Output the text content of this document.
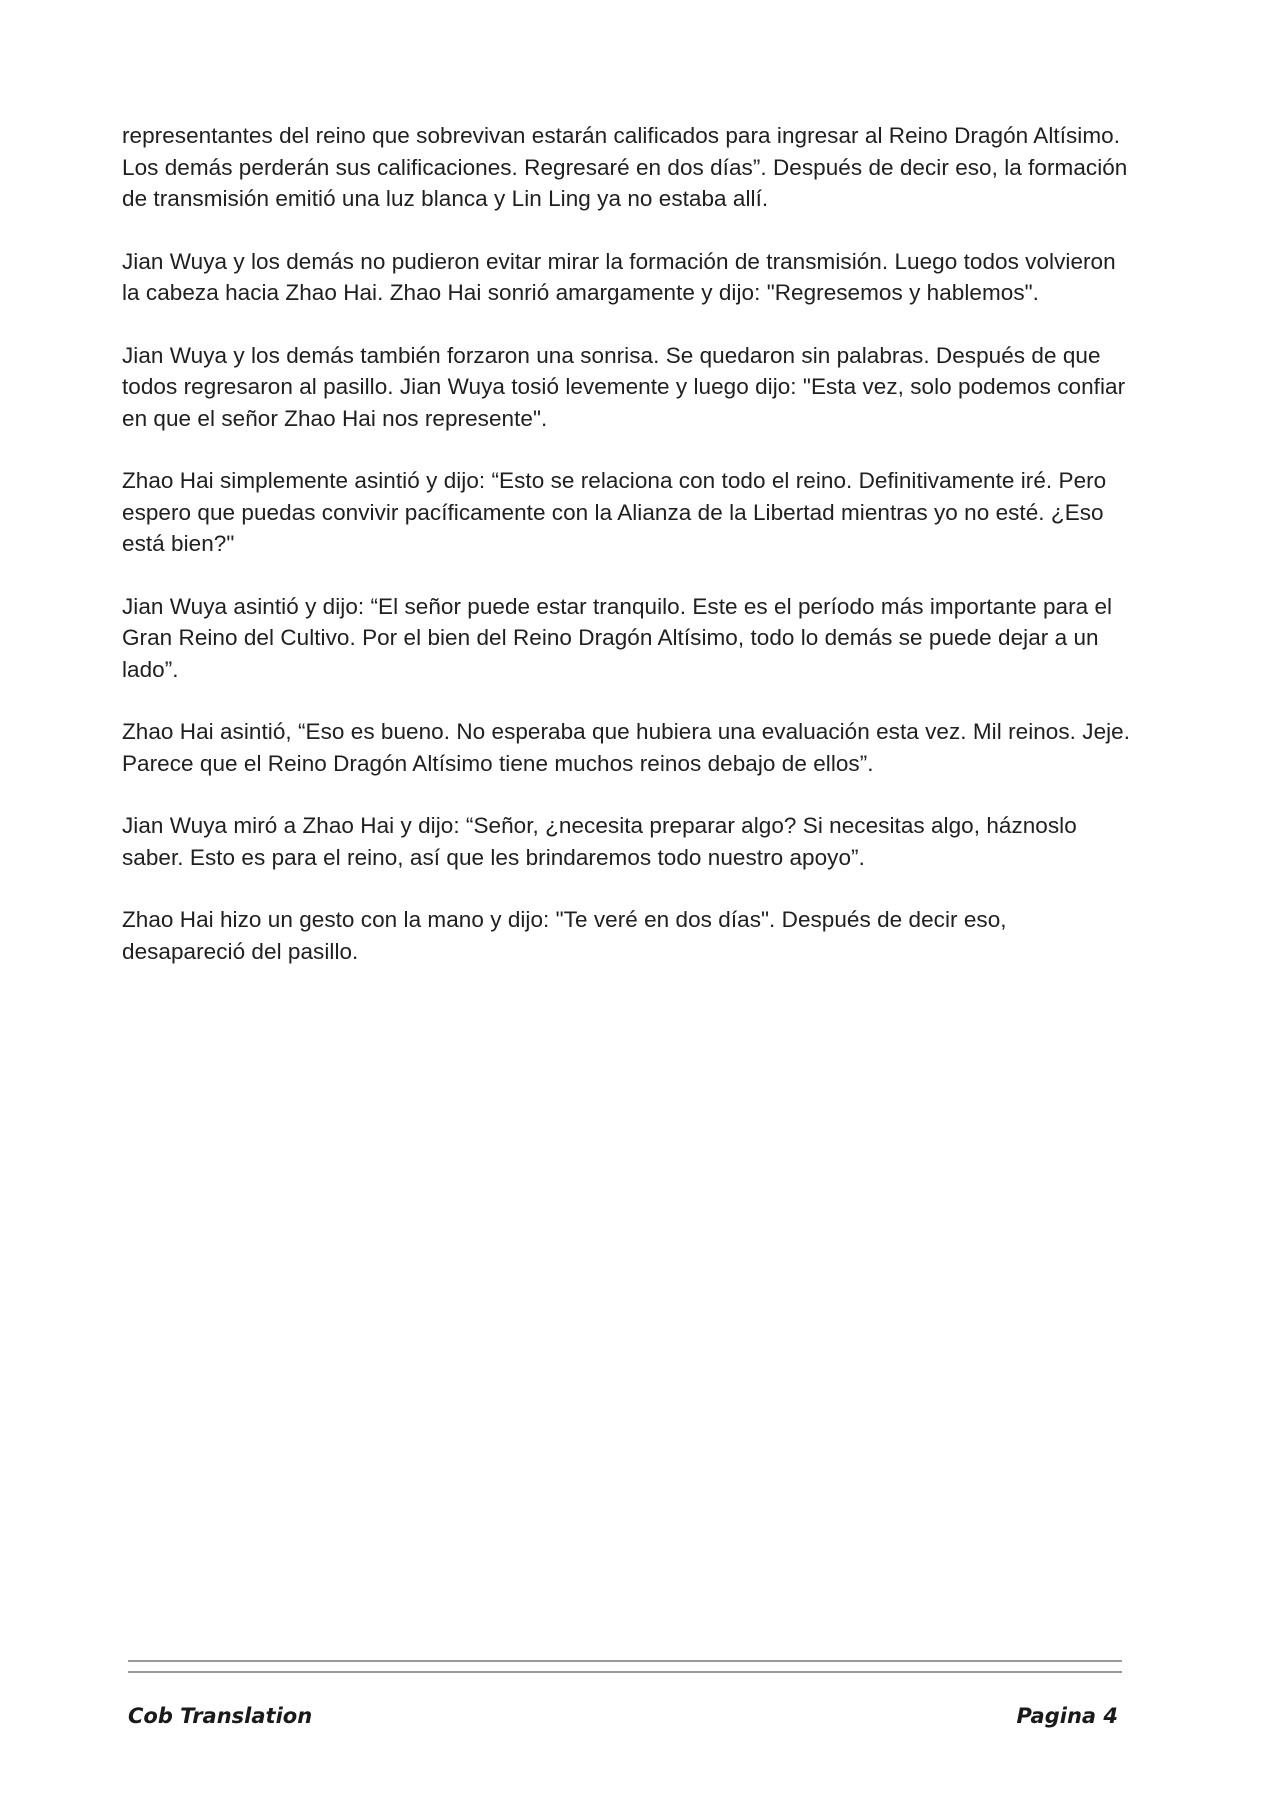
representantes del reino que sobrevivan estarán calificados para ingresar al Reino Dragón Altísimo. Los demás perderán sus calificaciones. Regresaré en dos días”. Después de decir eso, la formación de transmisión emitió una luz blanca y Lin Ling ya no estaba allí.

Jian Wuya y los demás no pudieron evitar mirar la formación de transmisión. Luego todos volvieron la cabeza hacia Zhao Hai. Zhao Hai sonrió amargamente y dijo: "Regresemos y hablemos".

Jian Wuya y los demás también forzaron una sonrisa. Se quedaron sin palabras. Después de que todos regresaron al pasillo. Jian Wuya tosió levemente y luego dijo: "Esta vez, solo podemos confiar en que el señor Zhao Hai nos represente".

Zhao Hai simplemente asintió y dijo: “Esto se relaciona con todo el reino. Definitivamente iré. Pero espero que puedas convivir pacíficamente con la Alianza de la Libertad mientras yo no esté. ¿Eso está bien?"

Jian Wuya asintió y dijo: “El señor puede estar tranquilo. Este es el período más importante para el Gran Reino del Cultivo. Por el bien del Reino Dragón Altísimo, todo lo demás se puede dejar a un lado”.

Zhao Hai asintió, “Eso es bueno. No esperaba que hubiera una evaluación esta vez. Mil reinos. Jeje. Parece que el Reino Dragón Altísimo tiene muchos reinos debajo de ellos”.

Jian Wuya miró a Zhao Hai y dijo: “Señor, ¿necesita preparar algo? Si necesitas algo, háznoslo saber. Esto es para el reino, así que les brindaremos todo nuestro apoyo”.

Zhao Hai hizo un gesto con la mano y dijo: "Te veré en dos días". Después de decir eso, desapareció del pasillo.

Cob Translation	Pagina 4
